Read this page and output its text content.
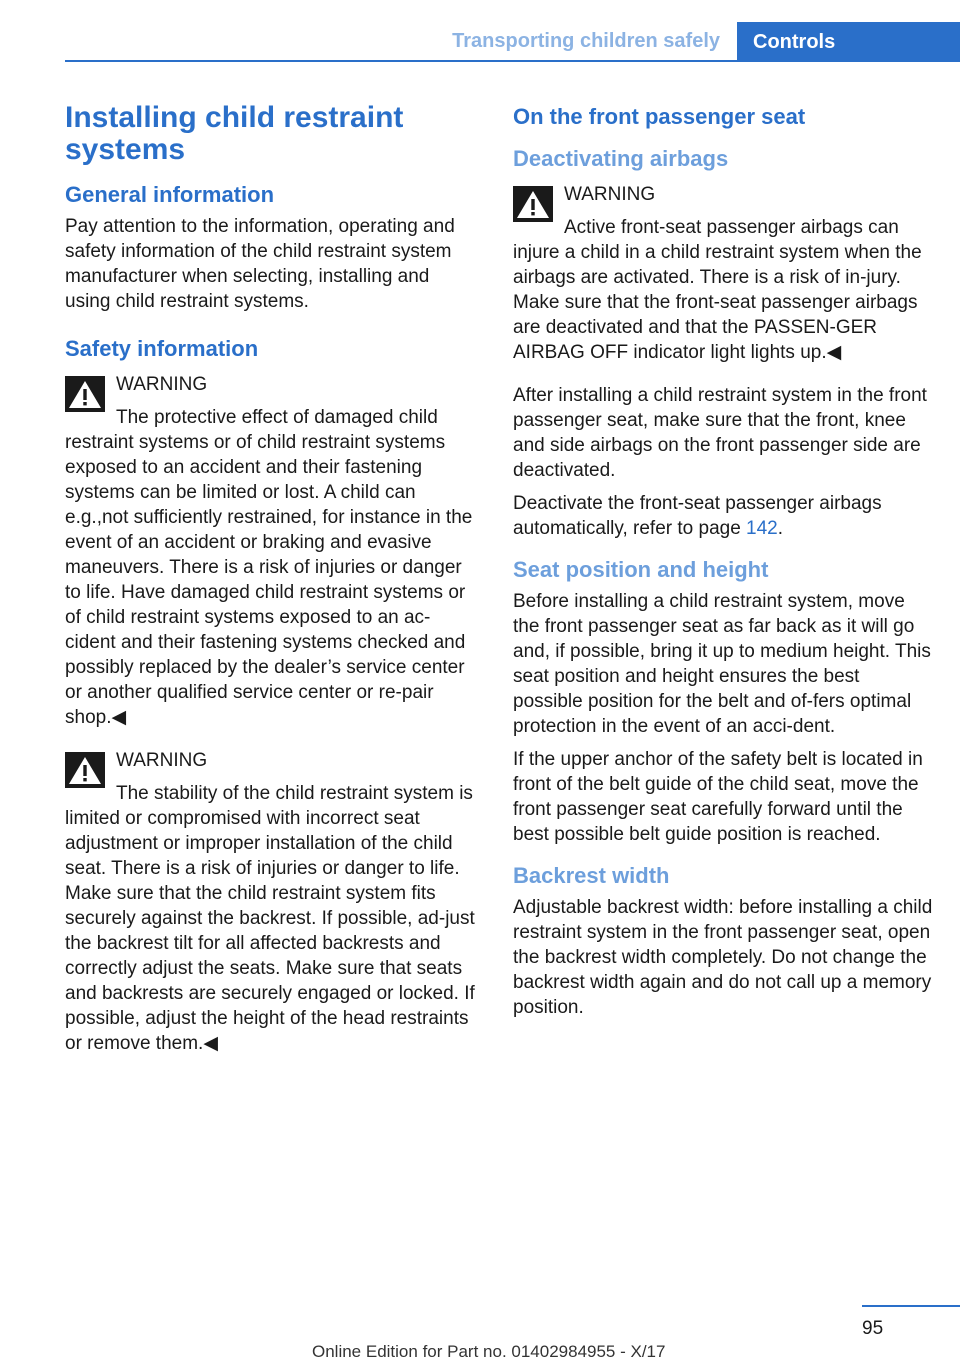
Transporting children safely	Controls
Installing child restraint systems
General information

Pay attention to the information, operating and safety information of the child restraint system manufacturer when selecting, installing and using child restraint systems.

Safety information

WARNING

The protective effect of damaged child restraint systems or of child restraint systems exposed to an accident and their fastening systems can be limited or lost. A child can e.g.,not sufficiently restrained, for instance in the event of an accident or braking and evasive maneuvers. There is a risk of injuries or danger to life. Have damaged child restraint systems or of child restraint systems exposed to an ac‐cident and their fastening systems checked and possibly replaced by the dealer’s service center or another qualified service center or re‐pair shop.◀

WARNING

The stability of the child restraint system is limited or compromised with incorrect seat adjustment or improper installation of the child seat. There is a risk of injuries or danger to life. Make sure that the child restraint system fits securely against the backrest. If possible, ad‐just the backrest tilt for all affected backrests and correctly adjust the seats. Make sure that seats and backrests are securely engaged or locked. If possible, adjust the height of the head restraints or remove them.◀

On the front passenger seat
Deactivating airbags

WARNING

Active front-seat passenger airbags can injure a child in a child restraint system when the airbags are activated. There is a risk of in‐jury. Make sure that the front-seat passenger airbags are deactivated and that the PASSEN‐GER AIRBAG OFF indicator light lights up.◀

After installing a child restraint system in the front passenger seat, make sure that the front, knee and side airbags on the front passenger side are deactivated.

Deactivate the front-seat passenger airbags automatically, refer to page 142.

Seat position and height

Before installing a child restraint system, move the front passenger seat as far back as it will go and, if possible, bring it up to medium height. This seat position and height ensures the best possible position for the belt and of‐fers optimal protection in the event of an acci‐dent.

If the upper anchor of the safety belt is located in front of the belt guide of the child seat, move the front passenger seat carefully forward until the best possible belt guide position is reached.

Backrest width

Adjustable backrest width: before installing a child restraint system in the front passenger seat, open the backrest width completely. Do not change the backrest width again and do not call up a memory position.

95
Online Edition for Part no. 01402984955 - X/17
